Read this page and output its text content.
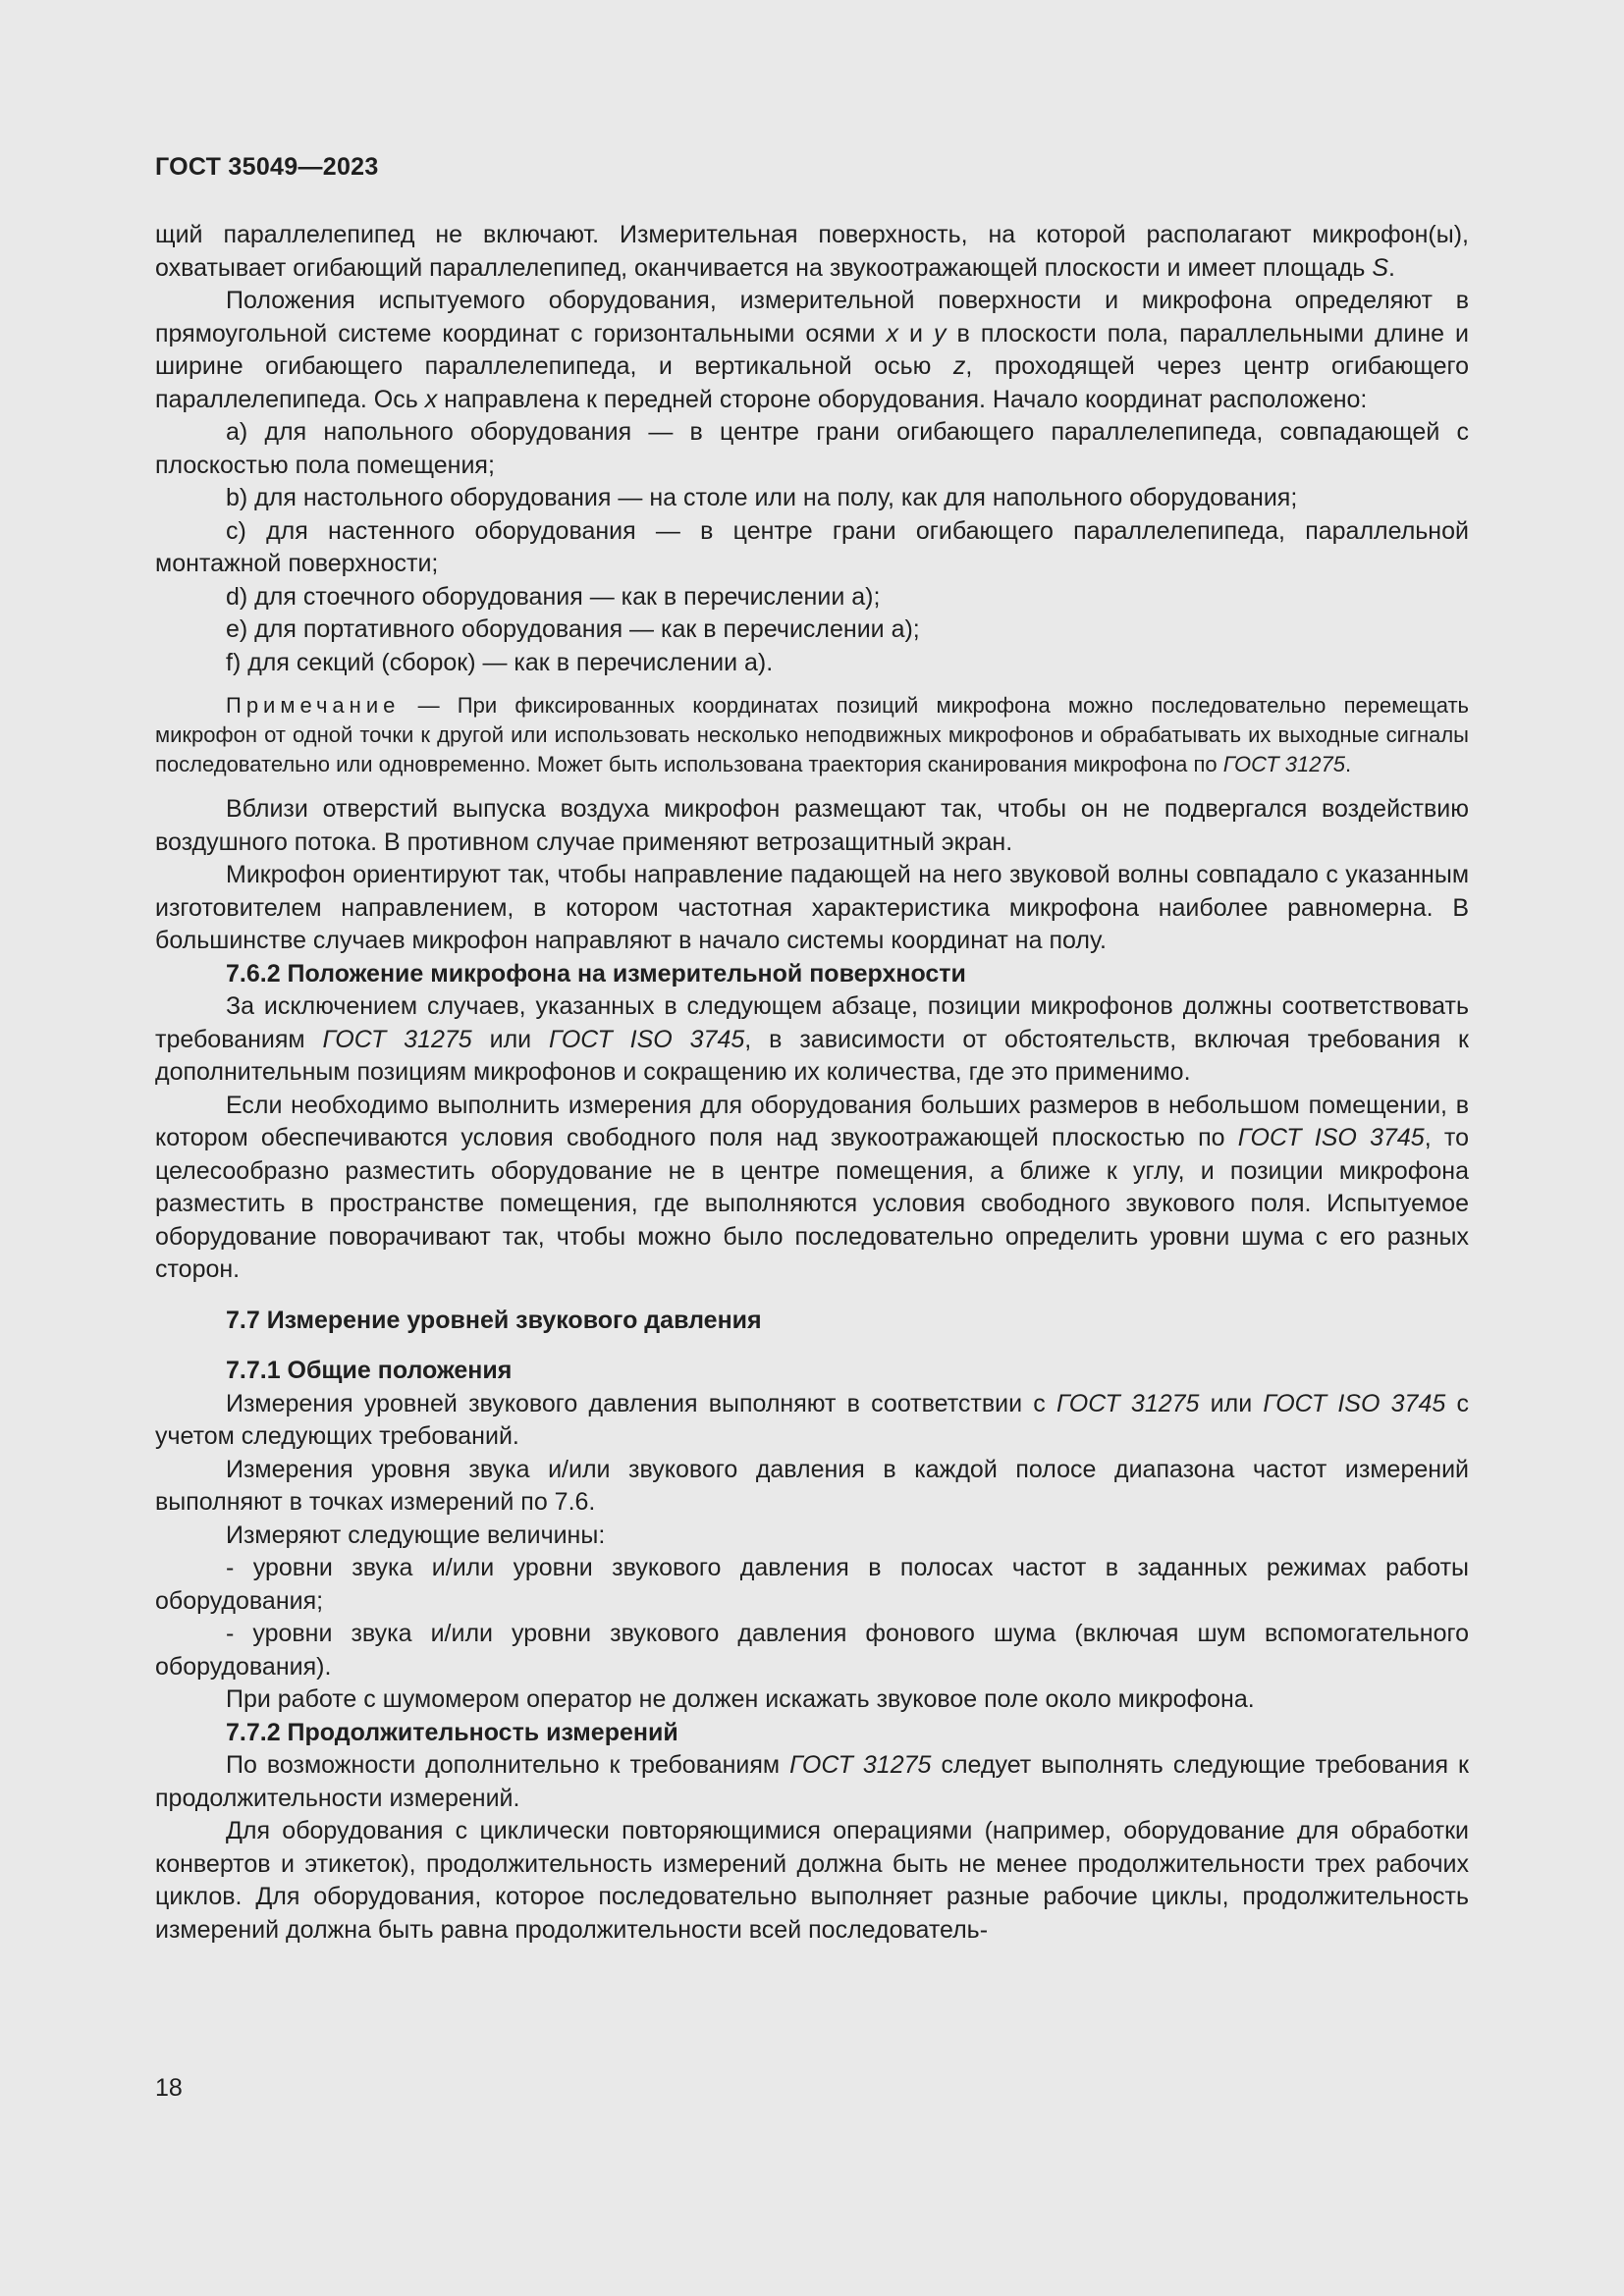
ГОСТ 35049—2023

щий параллелепипед не включают. Измерительная поверхность, на которой располагают микрофон(ы), охватывает огибающий параллелепипед, оканчивается на звукоотражающей плоскости и имеет площадь S.

Положения испытуемого оборудования, измерительной поверхности и микрофона определяют в прямоугольной системе координат с горизонтальными осями x и y в плоскости пола, параллельными длине и ширине огибающего параллелепипеда, и вертикальной осью z, проходящей через центр огибающего параллелепипеда. Ось x направлена к передней стороне оборудования. Начало координат расположено:

a) для напольного оборудования — в центре грани огибающего параллелепипеда, совпадающей с плоскостью пола помещения;

b) для настольного оборудования — на столе или на полу, как для напольного оборудования;

c) для настенного оборудования — в центре грани огибающего параллелепипеда, параллельной монтажной поверхности;

d) для стоечного оборудования — как в перечислении a);

e) для портативного оборудования — как в перечислении a);

f) для секций (сборок) — как в перечислении a).

Примечание — При фиксированных координатах позиций микрофона можно последовательно перемещать микрофон от одной точки к другой или использовать несколько неподвижных микрофонов и обрабатывать их выходные сигналы последовательно или одновременно. Может быть использована траектория сканирования микрофона по ГОСТ 31275.

Вблизи отверстий выпуска воздуха микрофон размещают так, чтобы он не подвергался воздействию воздушного потока. В противном случае применяют ветрозащитный экран.

Микрофон ориентируют так, чтобы направление падающей на него звуковой волны совпадало с указанным изготовителем направлением, в котором частотная характеристика микрофона наиболее равномерна. В большинстве случаев микрофон направляют в начало системы координат на полу.

7.6.2 Положение микрофона на измерительной поверхности

За исключением случаев, указанных в следующем абзаце, позиции микрофонов должны соответствовать требованиям ГОСТ 31275 или ГОСТ ISO 3745, в зависимости от обстоятельств, включая требования к дополнительным позициям микрофонов и сокращению их количества, где это применимо.

Если необходимо выполнить измерения для оборудования больших размеров в небольшом помещении, в котором обеспечиваются условия свободного поля над звукоотражающей плоскостью по ГОСТ ISO 3745, то целесообразно разместить оборудование не в центре помещения, а ближе к углу, и позиции микрофона разместить в пространстве помещения, где выполняются условия свободного звукового поля. Испытуемое оборудование поворачивают так, чтобы можно было последовательно определить уровни шума с его разных сторон.

7.7 Измерение уровней звукового давления

7.7.1 Общие положения

Измерения уровней звукового давления выполняют в соответствии с ГОСТ 31275 или ГОСТ ISO 3745 с учетом следующих требований.

Измерения уровня звука и/или звукового давления в каждой полосе диапазона частот измерений выполняют в точках измерений по 7.6.

Измеряют следующие величины:

- уровни звука и/или уровни звукового давления в полосах частот в заданных режимах работы оборудования;

- уровни звука и/или уровни звукового давления фонового шума (включая шум вспомогательного оборудования).

При работе с шумомером оператор не должен искажать звуковое поле около микрофона.

7.7.2 Продолжительность измерений

По возможности дополнительно к требованиям ГОСТ 31275 следует выполнять следующие требования к продолжительности измерений.

Для оборудования с циклически повторяющимися операциями (например, оборудование для обработки конвертов и этикеток), продолжительность измерений должна быть не менее продолжительности трех рабочих циклов. Для оборудования, которое последовательно выполняет разные рабочие циклы, продолжительность измерений должна быть равна продолжительности всей последователь-

18
